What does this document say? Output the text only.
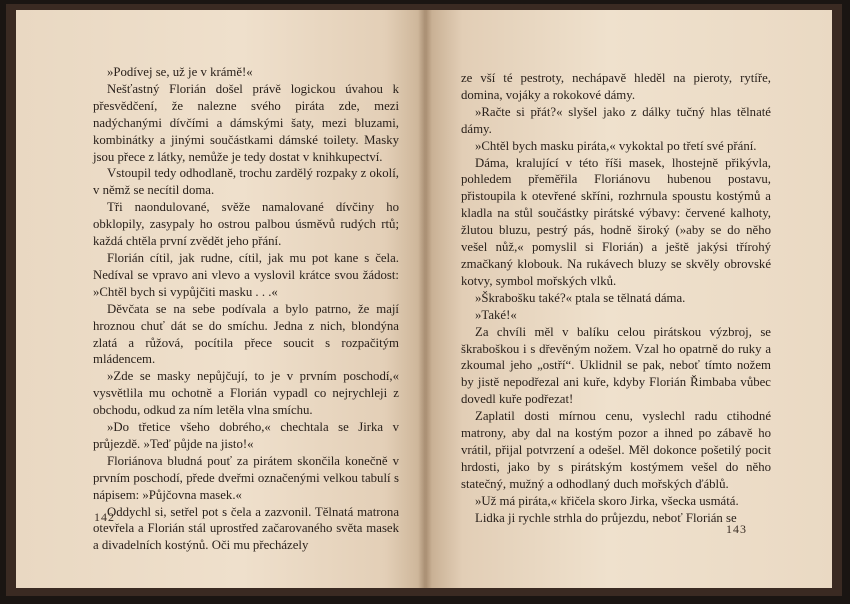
»Podívej se, už je v krámě!«

Nešťastný Florián došel právě logickou úvahou k přesvědčení, že nalezne svého piráta zde, mezi nadýchanými dívčími a dámskými šaty, mezi bluzami, kombinátky a jinými součástkami dámské toilety. Masky jsou přece z látky, nemůže je tedy dostat v knihkupectví.

Vstoupil tedy odhodlaně, trochu zardělý rozpaky z okolí, v němž se necítil doma.

Tři naondulované, svěže namalované dívčiny ho obklopily, zasypaly ho ostrou palbou úsměvů rudých rtů; každá chtěla první zvědět jeho přání.

Florián cítil, jak rudne, cítil, jak mu pot kane s čela. Nedíval se vpravo ani vlevo a vyslovil krátce svou žádost: »Chtěl bych si vypůjčiti masku . . .«

Děvčata se na sebe podívala a bylo patrno, že mají hroznou chuť dát se do smíchu. Jedna z nich, blondýna zlatá a růžová, pocítila přece soucit s rozpačitým mládencem.

»Zde se masky nepůjčují, to je v prvním poschodí,« vysvětlila mu ochotně a Florián vypadl co nejrychleji z obchodu, odkud za ním letěla vlna smíchu.

»Do třetice všeho dobrého,« chechtala se Jirka v průjezdě. »Teď půjde na jisto!«

Floriánova bludná pouť za pirátem skončila konečně v prvním poschodí, přede dveřmi označenými velkou tabulí s nápisem: »Půjčovna masek.«

Oddychl si, setřel pot s čela a zazvonil. Tělnatá matrona otevřela a Florián stál uprostřed začarovaného světa masek a divadelních kostýnů. Oči mu přecházely

142

ze vší té pestroty, nechápavě hleděl na pieroty, rytíře, domina, vojáky a rokokové dámy.

»Račte si přát?« slyšel jako z dálky tučný hlas tělnaté dámy.

»Chtěl bych masku piráta,« vykoktal po třetí své přání.

Dáma, kralující v této říši masek, lhostejně přikývla, pohledem přeměřila Floriánovu hubenou postavu, přistoupila k otevřené skříni, rozhrnula spoustu kostýmů a kladla na stůl součástky pirátské výbavy: červené kalhoty, žlutou bluzu, pestrý pás, hodně široký (»aby se do něho vešel nůž,« pomyslil si Florián) a ještě jakýsi třírohý zmačkaný klobouk. Na rukávech bluzy se skvěly obrovské kotvy, symbol mořských vlků.

»Škrabošku také?« ptala se tělnatá dáma.

»Také!«

Za chvíli měl v balíku celou pirátskou výzbroj, se škraboškou i s dřevěným nožem. Vzal ho opatrně do ruky a zkoumal jeho „ostří“. Uklidnil se pak, neboť tímto nožem by jistě nepodřezal ani kuře, kdyby Florián Řimbaba vůbec dovedl kuře podřezat!

Zaplatil dosti mírnou cenu, vyslechl radu ctihodné matrony, aby dal na kostým pozor a ihned po zábavě ho vrátil, přijal potvrzení a odešel. Měl dokonce pošetilý pocit hrdosti, jako by s pirátským kostýmem vešel do něho statečný, mužný a odhodlaný duch mořských ďáblů.

»Už má piráta,« křičela skoro Jirka, všecka usmátá.

Lidka ji rychle strhla do průjezdu, neboť Florián se

143
